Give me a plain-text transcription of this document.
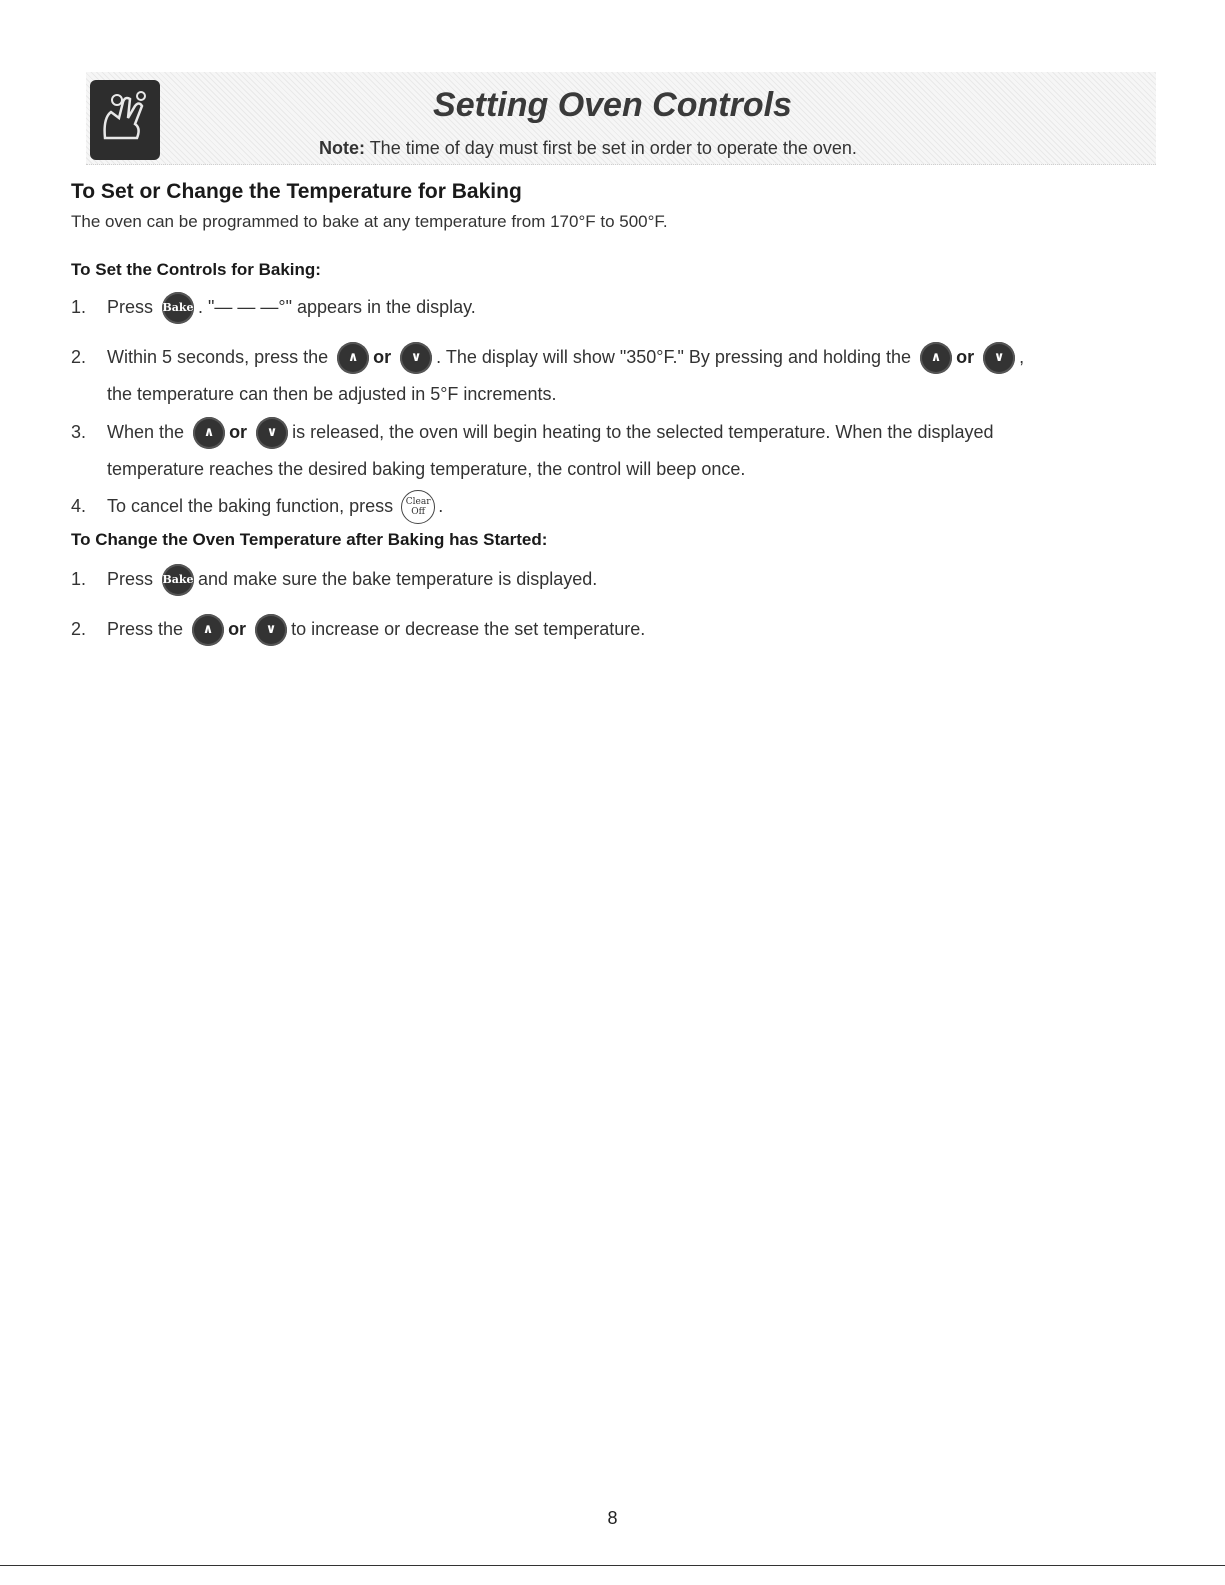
Setting Oven Controls

Note: The time of day must first be set in order to operate the oven.

To Set or Change the Temperature for Baking

The oven can be programmed to bake at any temperature from 170°F to 500°F.

To Set the Controls for Baking:
1. Press Bake . "— — —°" appears in the display.
2. Within 5 seconds, press the ∧ or ∨ . The display will show "350°F." By pressing and holding the ∧ or ∨ ,
the temperature can then be adjusted in 5°F increments.
3. When the ∧ or ∨ is released, the oven will begin heating to the selected temperature. When the displayed
temperature reaches the desired baking temperature, the control will beep once.
4. To cancel the baking function, press Clear
Off .
To Change the Oven Temperature after Baking has Started:
1. Press Bake and make sure the bake temperature is displayed.
2. Press the ∧ or ∨ to increase or decrease the set temperature.

8
